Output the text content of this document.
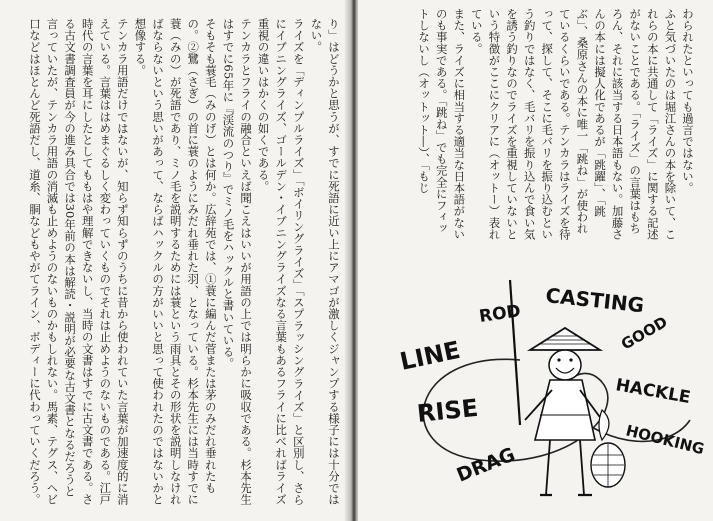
り」はどうかと思うが、すでに死語に近い上にアマゴが激しくジャンプする様子には十分ではない。

ライズを「ディンプルライズ」「ボイリングライズ」「スプラッシングライズ」と区別し、さらにイブニングライズ、ゴールデン・イブニングライズなる言葉もあるフライに比べればライズ重視の違いはかくの如くである。

テンカラとフライの融合といえば聞こえはいいが用語の上では明らかに吸収である。杉本先生はすでに65年に『渓流のつり』でミノ毛をハックルと書いている。

そもそも蓑毛（みのげ）とは何か。広辞苑では、①蓑に編んだ菅または茅のみだれ垂れたもの。②鷺（さぎ）の首に蓑のようにみだれ垂れた羽、となっている。杉本先生には当時すでに蓑（みの）が死語であり、ミノ毛を説明するためには蓑という雨具とその形状を説明しなければならないという思いがあって、ならばハックルの方がいいと思って使われたのではないかと想像する。

テンカラ用語だけではないが、知らず知らずのうちに昔から使われていた言葉が加速度的に消えている。言葉ははめまぐるしく変わっていくものでそれは止めようのないものである。江戸時代の言葉を耳にしたとしてももはや理解できないし、当時の文書はすでに古文書である。さる古文書調査員が今の進み具合では30年前の本は解読・説明が必要な古文書となるだろうと言っていたが、テンカラ用語の消滅も止めようのないものかもしれない。馬素、テグス、ヘビ口などはほとんど死語だし、道糸、胴などもやがてライン、ボディーに代わっていくだろう。	わられたといっても過言ではない。

ふと気づいたのは堀江さんの本を除いて、これらの本に共通して「ライズ」に関する記述がないことである。「ライズ」の言葉はもちろん、それに該当する日本語もない。加藤さんの本には擬人化であるが「跳躍」、「跳ぶ」、桑原さんの本に唯一「跳ね」が使われているくらいである。テンカラはライズを待って、探して、そこに毛バリを振り込むという釣りではなく、毛バリを振り込んで食い気を誘う釣りなのでライズを重視していないという特徴がここにクリアに（オットー）表れている。

また、ライズに相当する適当な日本語がないのも事実である。「跳ね」でも完全にフィットしないし（オットット―）、「もじ

LINE
ROD CASTING
GOOD
RISE
HACKLE
HOOKING
DRAG
